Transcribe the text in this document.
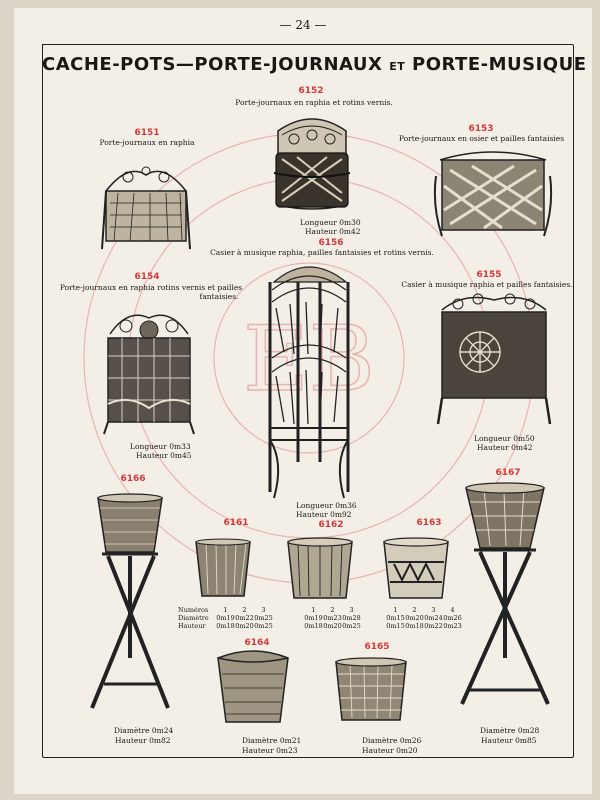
EB
— 24 —
CACHE-POTS—PORTE-JOURNAUX ET PORTE-MUSIQUE
6152
Porte-journaux en raphia et rotins vernis.
Longueur 0m30
Hauteur 0m42
6151
Porte-journaux en raphia
6153
Porte-journaux en osier et pailles fantaisies
6156
Casier à musique raphia, pailles fantaisies et rotins vernis.
Longueur 0m36
Hauteur 0m92
6154
Porte-journaux en raphia rotins vernis et pailles
fantaisies.
Longueur 0m33
Hauteur 0m45
6155
Casier à musique raphia et pailles fantaisies.
Longueur 0m50
Hauteur 0m42
6166
Diamètre 0m24
Hauteur 0m82
6167
Diamètre 0m28
Hauteur 0m85
6161	6162	6163
Numéros	1	2	3
Diamètre	0m19 0m22 0m25
Hauteur	0m18 0m20 0m25
1	2	3
0m19 0m23 0m28
0m18 0m20 0m25
1	2	3	4
0m15 0m20 0m24 0m26
0m15 0m18 0m22 0m23
6164
Diamètre 0m21
Hauteur 0m23
6165
Diamètre 0m26
Hauteur 0m20
